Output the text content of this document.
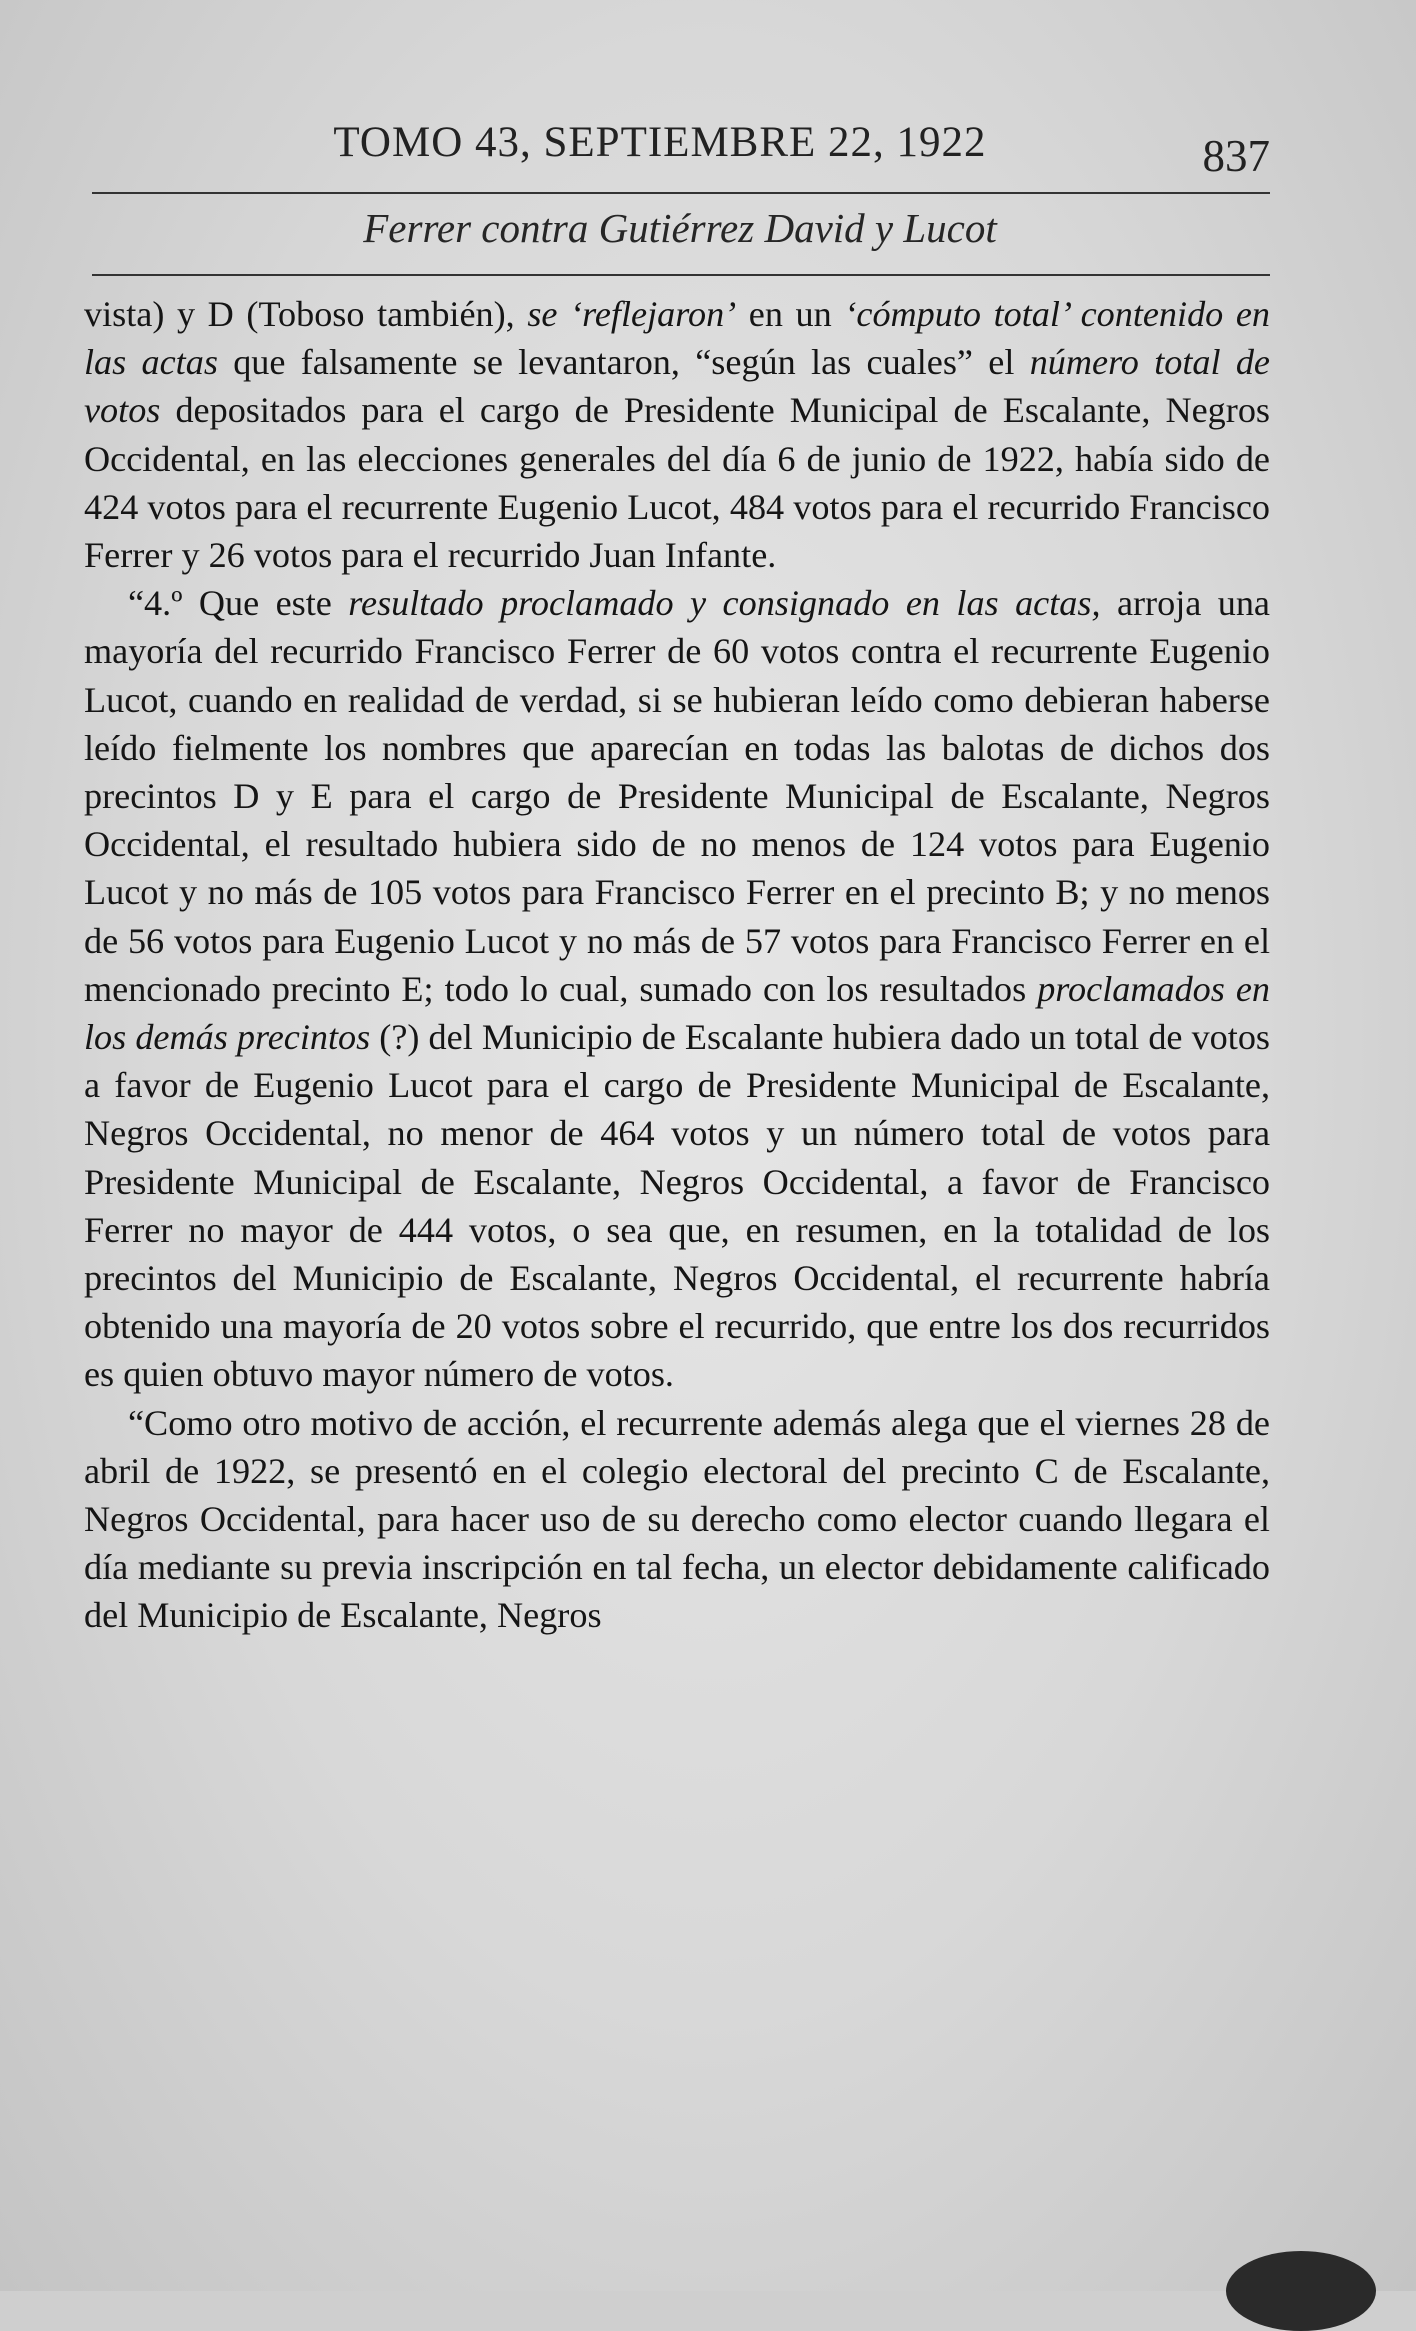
TOMO 43, SEPTIEMBRE 22, 1922	837
Ferrer contra Gutiérrez David y Lucot

vista) y D (Toboso también), se ‘reflejaron’ en un ‘cómputo total’ contenido en las actas que falsamente se levantaron, “según las cuales” el número total de votos depositados para el cargo de Presidente Municipal de Escalante, Negros Occidental, en las elecciones generales del día 6 de junio de 1922, había sido de 424 votos para el recurrente Eugenio Lucot, 484 votos para el recurrido Francisco Ferrer y 26 votos para el recurrido Juan Infante.

“4.º Que este resultado proclamado y consignado en las actas, arroja una mayoría del recurrido Francisco Ferrer de 60 votos contra el recurrente Eugenio Lucot, cuando en realidad de verdad, si se hubieran leído como debieran haberse leído fielmente los nombres que aparecían en todas las balotas de dichos dos precintos D y E para el cargo de Presidente Municipal de Escalante, Negros Occidental, el resultado hubiera sido de no menos de 124 votos para Eugenio Lucot y no más de 105 votos para Francisco Ferrer en el precinto B; y no menos de 56 votos para Eugenio Lucot y no más de 57 votos para Francisco Ferrer en el mencionado precinto E; todo lo cual, sumado con los resultados proclamados en los demás precintos (?) del Municipio de Escalante hubiera dado un total de votos a favor de Eugenio Lucot para el cargo de Presidente Municipal de Escalante, Negros Occidental, no menor de 464 votos y un número total de votos para Presidente Municipal de Escalante, Negros Occidental, a favor de Francisco Ferrer no mayor de 444 votos, o sea que, en resumen, en la totalidad de los precintos del Municipio de Escalante, Negros Occidental, el recurrente habría obtenido una mayoría de 20 votos sobre el recurrido, que entre los dos recurridos es quien obtuvo mayor número de votos.

“Como otro motivo de acción, el recurrente además alega que el viernes 28 de abril de 1922, se presentó en el colegio electoral del precinto C de Escalante, Negros Occidental, para hacer uso de su derecho como elector cuando llegara el día mediante su previa inscripción en tal fecha, un elector debidamente calificado del Municipio de Escalante, Negros
